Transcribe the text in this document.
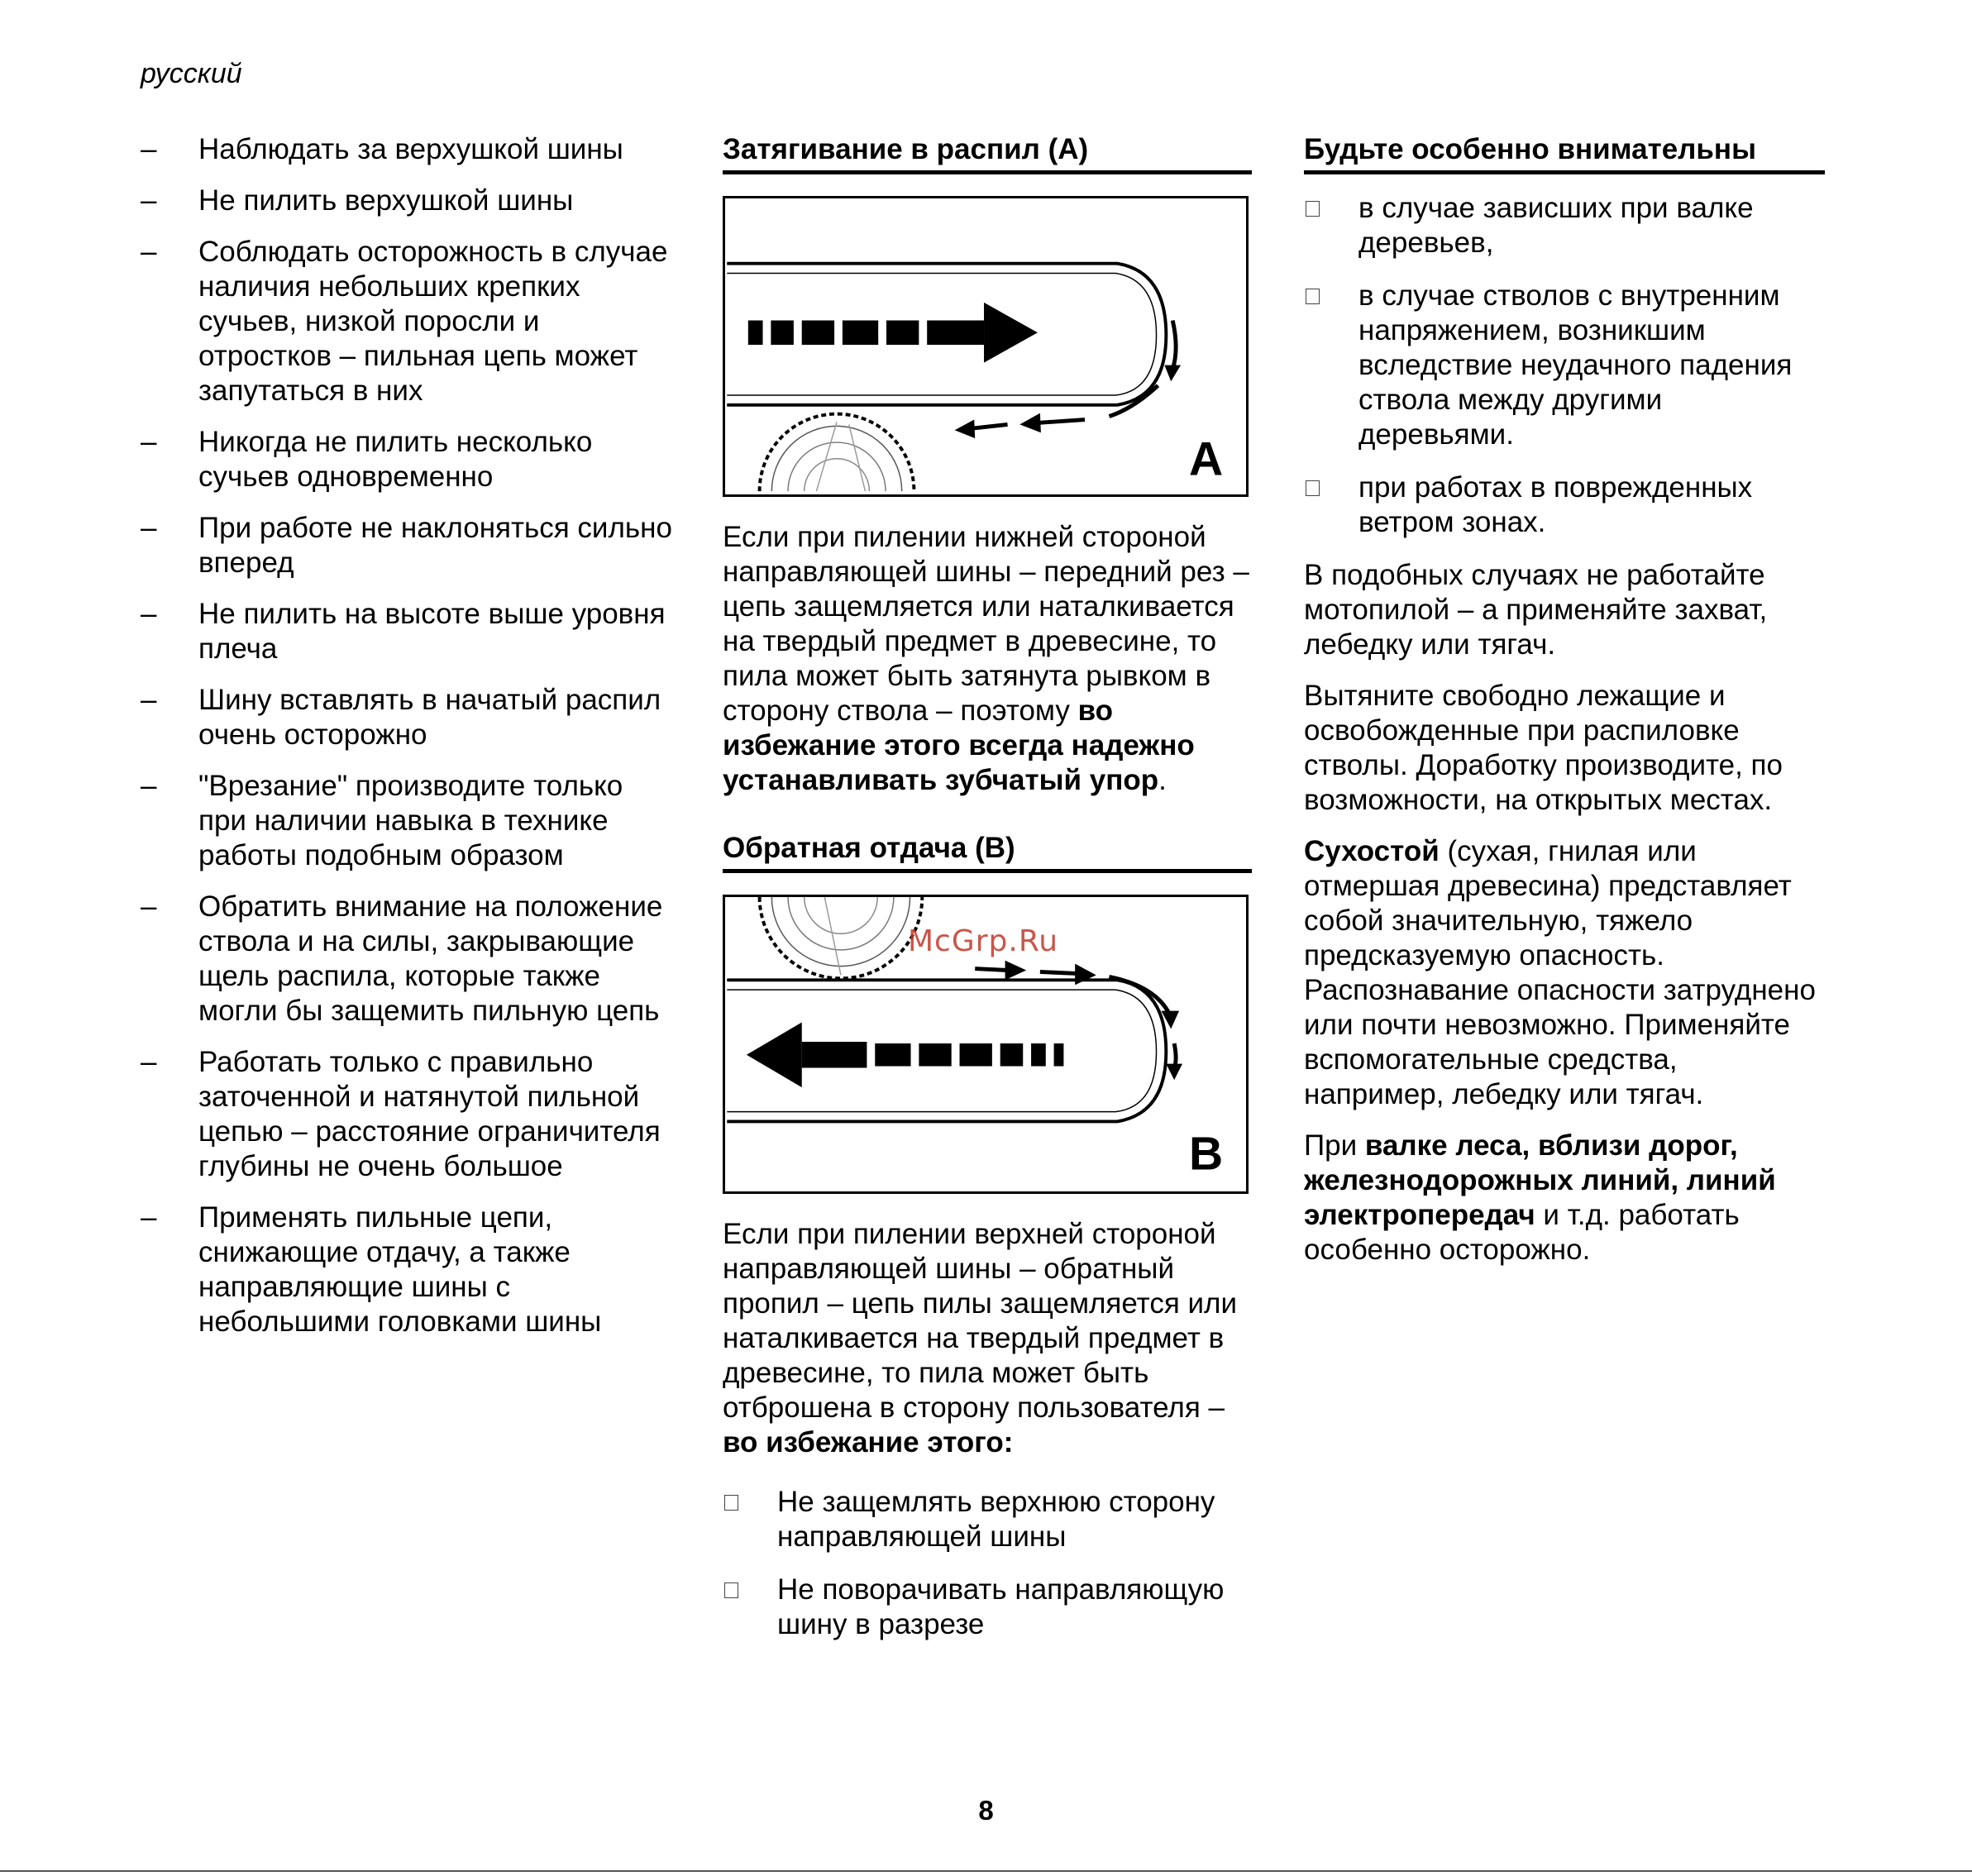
русский
–	Наблюдать за верхушкой шины
–	Не пилить верхушкой шины
–	Соблюдать осторожность в случае наличия небольших крепких сучьев, низкой поросли и отростков – пильная цепь может запутаться в них
–	Никогда не пилить несколько сучьев одновременно
–	При работе не наклоняться сильно вперед
–	Не пилить на высоте выше уровня плеча
–	Шину вставлять в начатый распил очень осторожно
–	"Врезание" производите только при наличии навыка в технике работы подобным образом
–	Обратить внимание на положение ствола и на силы, закрывающие щель распила, которые также могли бы защемить пильную цепь
–	Работать только с правильно заточенной и натянутой пильной цепью – расстояние ограничителя глубины не очень большое
–	Применять пильные цепи, снижающие отдачу, а также направляющие шины с небольшими головками шины
Затягивание в распил (А)
A

Если при пилении нижней стороной направляющей шины – передний рез – цепь защемляется или наталкивается на твердый предмет в древесине, то пила может быть затянута рывком в сторону ствола – поэтому во избежание этого всегда надежно устанавливать зубчатый упор.

Обратная отдача (В)
B

Если при пилении верхней стороной направляющей шины – обратный пропил – цепь пилы защемляется или наталкивается на твердый предмет в древесине, то пила может быть отброшена в сторону пользователя – во избежание этого:

Не защемлять верхнюю сторону направляющей шины
Не поворачивать направляющую шину в разрезе
Будьте особенно внимательны
в случае зависших при валке деревьев,
в случае стволов с внутренним напряжением, возникшим вследствие неудачного падения ствола между другими деревьями.
при работах в поврежденных ветром зонах.

В подобных случаях не работайте мотопилой – а применяйте захват, лебедку или тягач.

Вытяните свободно лежащие и освобожденные при распиловке стволы. Доработку производите, по возможности, на открытых местах.

Сухостой (сухая, гнилая или отмершая древесина) представляет собой значительную, тяжело предсказуемую опасность. Распознавание опасности затруднено или почти невозможно. Применяйте вспомогательные средства, например, лебедку или тягач.

При валке леса, вблизи дорог, железнодорожных линий, линий электропередач и т.д. работать особенно осторожно.

McGrp.Ru
8
